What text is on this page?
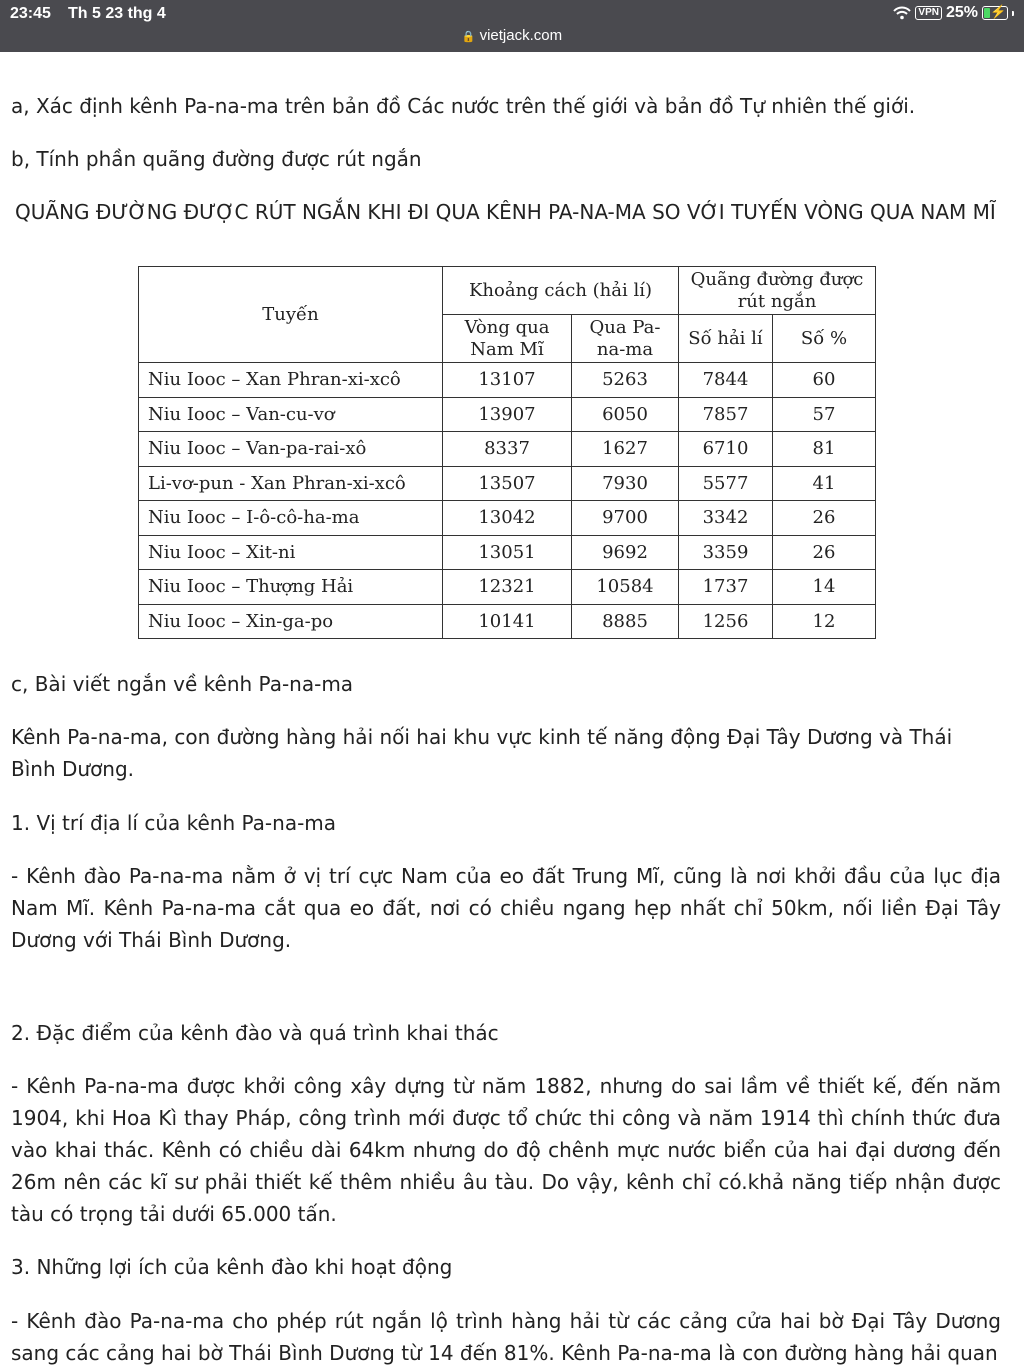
23:45 Th 5 23 thg 4	VPN 25% ⚡
🔒 vietjack.com

a, Xác định kênh Pa-na-ma trên bản đồ Các nước trên thế giới và bản đồ Tự nhiên thế giới.

b, Tính phần quãng đường được rút ngắn

QUÃNG ĐƯỜNG ĐƯỢC RÚT NGẮN KHI ĐI QUA KÊNH PA-NA-MA SO VỚI TUYẾN VÒNG QUA NAM MĨ

Tuyến	Khoảng cách (hải lí)		Quãng đường được rút ngắn	
	Vòng qua Nam Mĩ	Qua Pa-na-ma	Số hải lí	Số %
Niu Iooc – Xan Phran-xi-xcô	13107	5263	7844	60
Niu Iooc – Van-cu-vơ	13907	6050	7857	57
Niu Iooc – Van-pa-rai-xô	8337	1627	6710	81
Li-vơ-pun - Xan Phran-xi-xcô	13507	7930	5577	41
Niu Iooc – I-ô-cô-ha-ma	13042	9700	3342	26
Niu Iooc – Xit-ni	13051	9692	3359	26
Niu Iooc – Thượng Hải	12321	10584	1737	14
Niu Iooc – Xin-ga-po	10141	8885	1256	12

c, Bài viết ngắn về kênh Pa-na-ma

Kênh Pa-na-ma, con đường hàng hải nối hai khu vực kinh tế năng động Đại Tây Dương và Thái Bình Dương.

1. Vị trí địa lí của kênh Pa-na-ma

- Kênh đào Pa-na-ma nằm ở vị trí cực Nam của eo đất Trung Mĩ, cũng là nơi khởi đầu của lục địa Nam Mĩ. Kênh Pa-na-ma cắt qua eo đất, nơi có chiều ngang hẹp nhất chỉ 50km, nối liền Đại Tây Dương với Thái Bình Dương.

2. Đặc điểm của kênh đào và quá trình khai thác

- Kênh Pa-na-ma được khởi công xây dựng từ năm 1882, nhưng do sai lầm về thiết kế, đến năm 1904, khi Hoa Kì thay Pháp, công trình mới được tổ chức thi công và năm 1914 thì chính thức đưa vào khai thác. Kênh có chiều dài 64km nhưng do độ chênh mực nước biển của hai đại dương đến 26m nên các kĩ sư phải thiết kế thêm nhiều âu tàu. Do vậy, kênh chỉ có.khả năng tiếp nhận được tàu có trọng tải dưới 65.000 tấn.

3. Những lợi ích của kênh đào khi hoạt động

- Kênh đào Pa-na-ma cho phép rút ngắn lộ trình hàng hải từ các cảng cửa hai bờ Đại Tây Dương sang các cảng hai bờ Thái Bình Dương từ 14 đến 81%. Kênh Pa-na-ma là con đường hàng hải quan
